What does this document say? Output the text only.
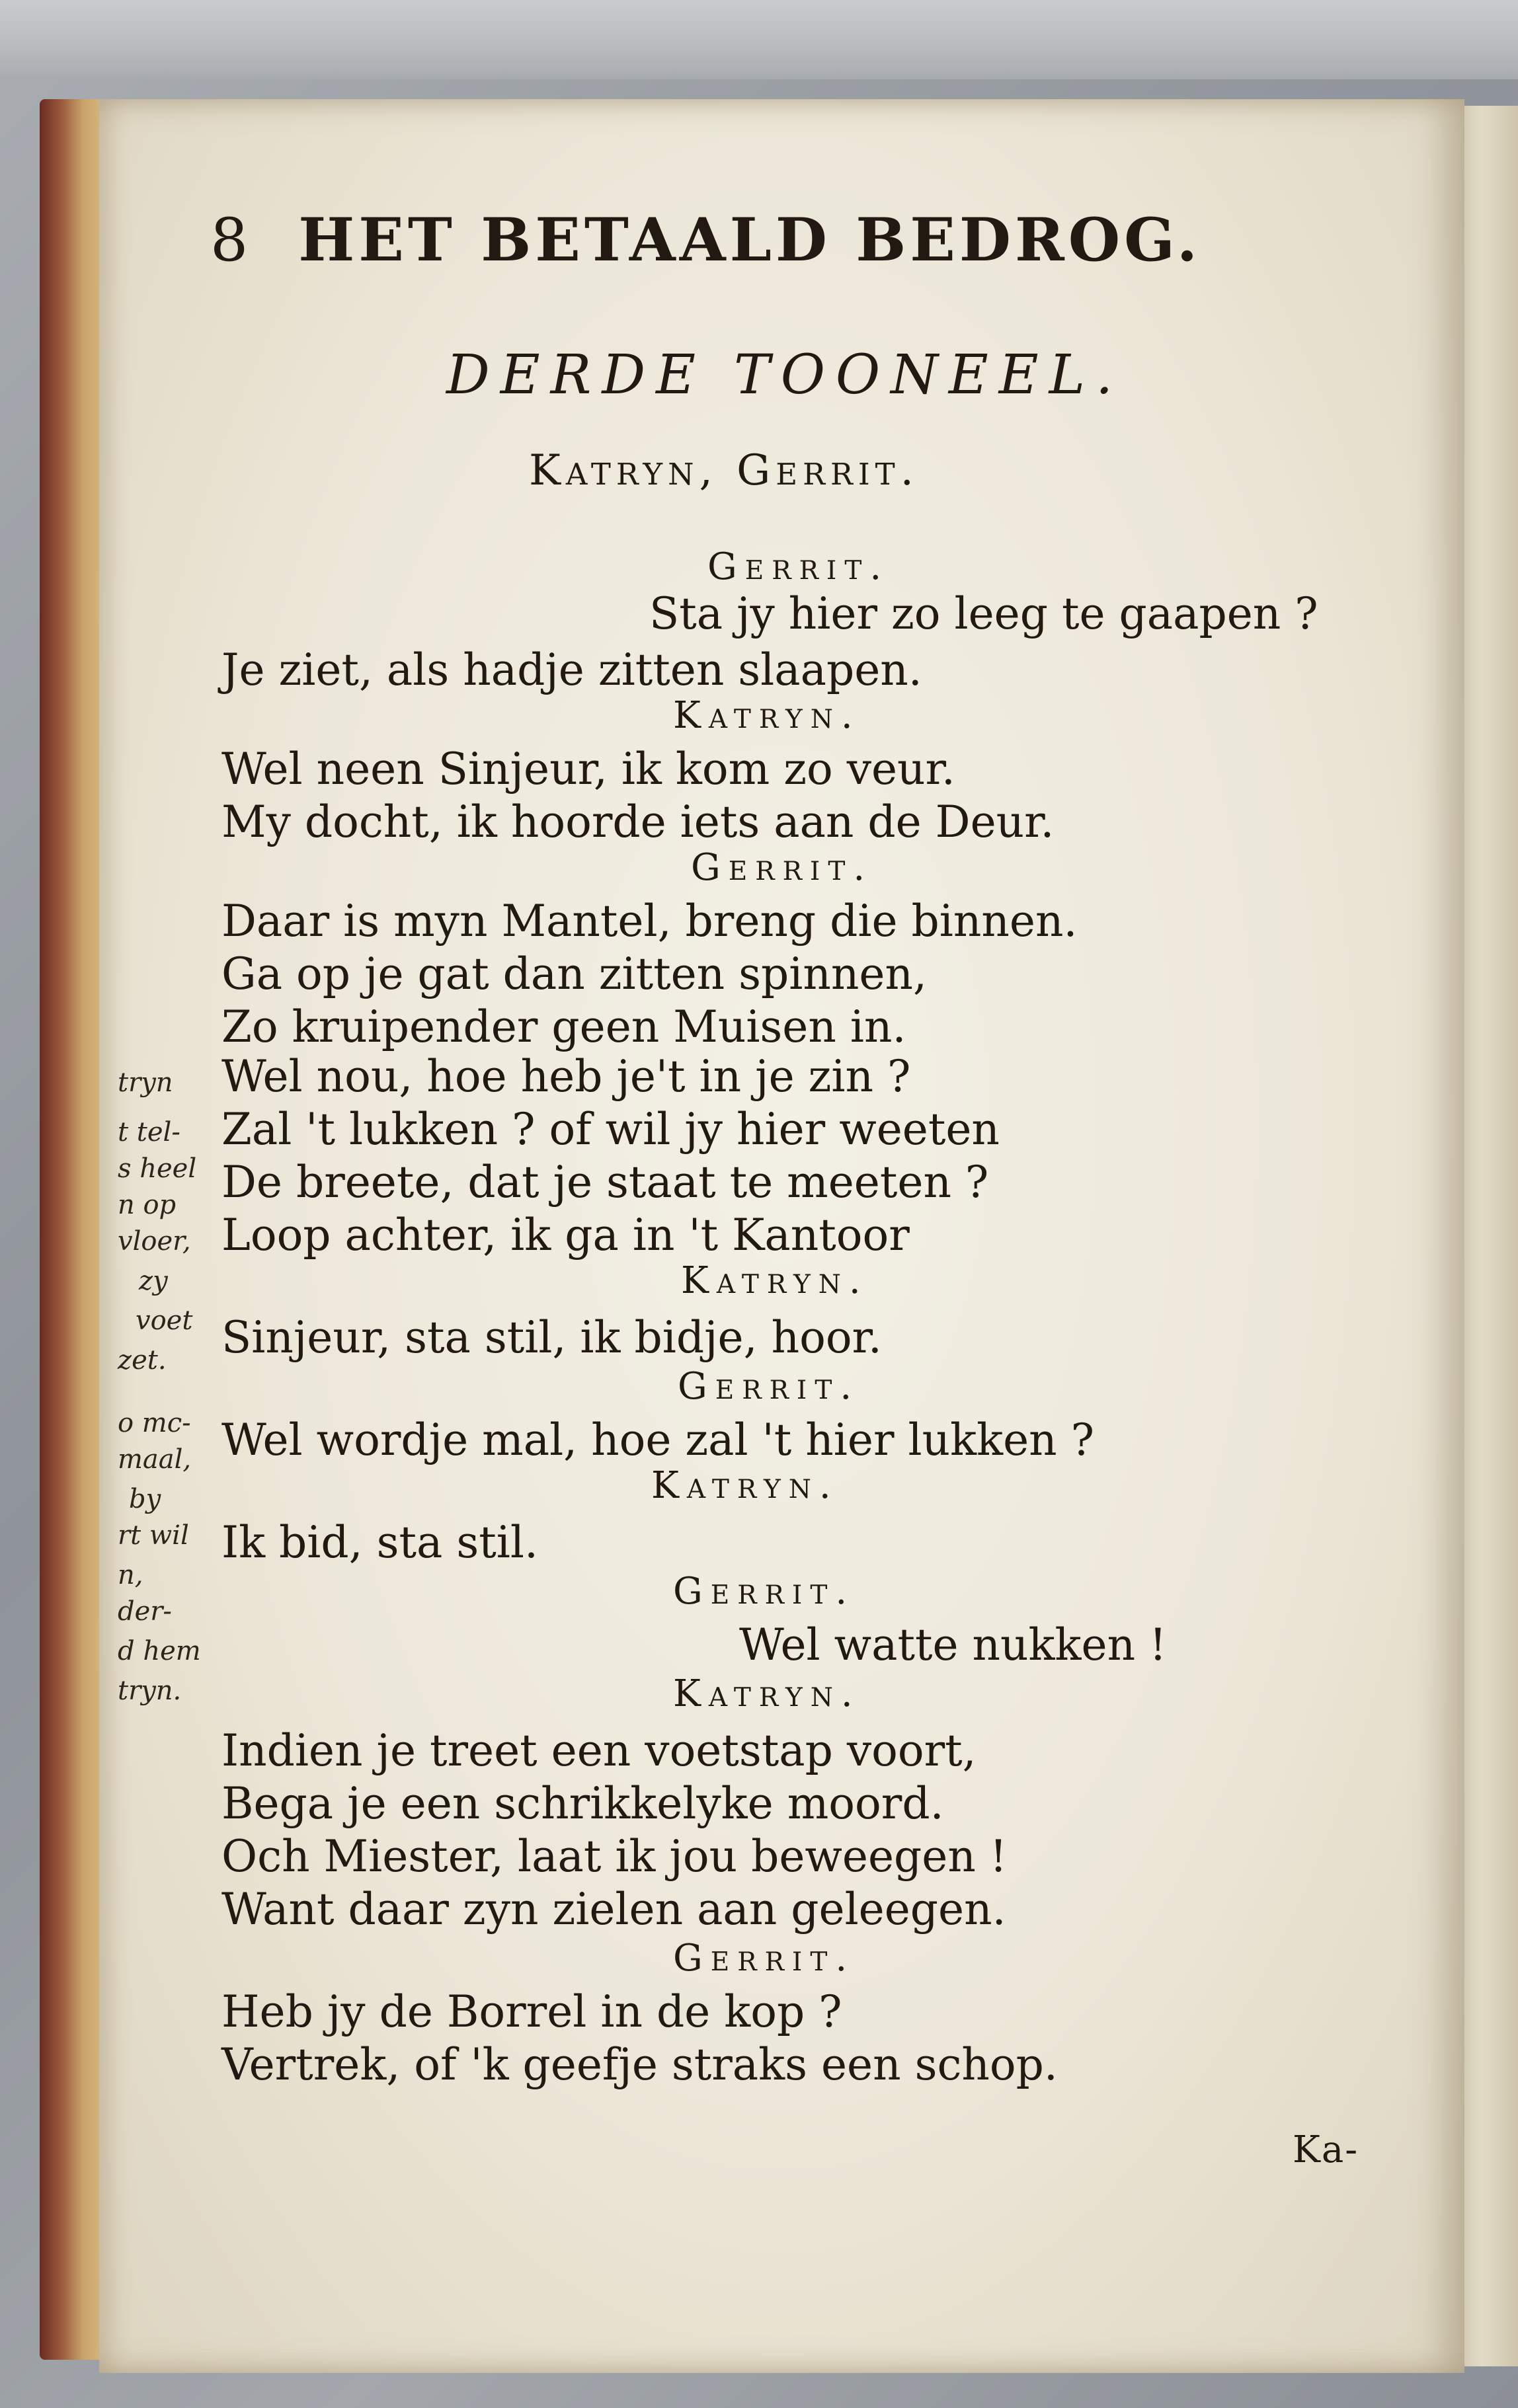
8 HET BETAALD BEDROG.
DERDE TOONEEL.
Katryn, Gerrit.
Gerrit.
Sta jy hier zo leeg te gaapen ?
Je ziet, als hadje zitten slaapen.
Katryn.
Wel neen Sinjeur, ik kom zo veur.
My docht, ik hoorde iets aan de Deur.
Gerrit.
Daar is myn Mantel, breng die binnen.
Ga op je gat dan zitten spinnen,
Zo kruipender geen Muisen in.
Wel nou, hoe heb je't in je zin ?
Zal 't lukken ? of wil jy hier weeten
De breete, dat je staat te meeten ?
Loop achter, ik ga in 't Kantoor
Katryn.
Sinjeur, sta stil, ik bidje, hoor.
Gerrit.
Wel wordje mal, hoe zal 't hier lukken ?
Katryn.
Ik bid, sta stil.
Gerrit.
Wel watte nukken !
Katryn.
Indien je treet een voetstap voort,
Bega je een schrikkelyke moord.
Och Miester, laat ik jou beweegen !
Want daar zyn zielen aan geleegen.
Gerrit.
Heb jy de Borrel in de kop ?
Vertrek, of 'k geefje straks een schop.
tryn
t tel-
s heel
n op
vloer,
zy
voet
zet.
o mc-
maal,
by
rt wil
n,
der-
d hem
tryn.
Ka-
